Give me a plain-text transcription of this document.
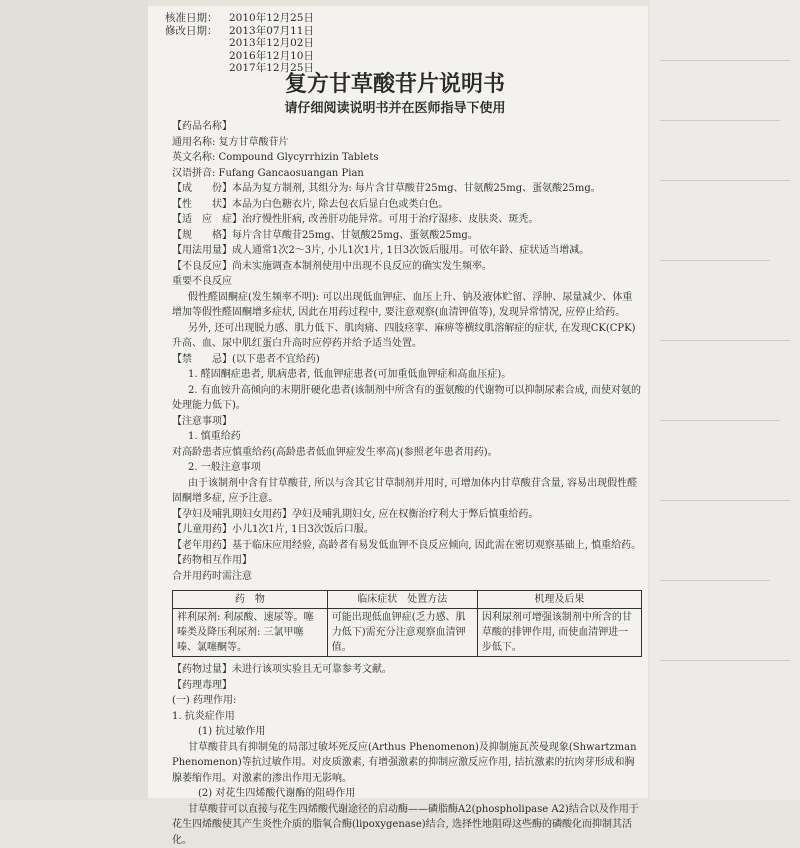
核准日期： 2010年12月25日
修改日期： 2013年07月11日
2013年12月02日
2016年12月10日
2017年12月25日
复方甘草酸苷片说明书
请仔细阅读说明书并在医师指导下使用

【药品名称】

通用名称: 复方甘草酸苷片

英文名称: Compound Glycyrrhizin Tablets

汉语拼音: Fufang Gancaosuangan Pian

【成　　份】本品为复方制剂, 其组分为: 每片含甘草酸苷25mg、甘氨酸25mg、蛋氨酸25mg。

【性　　状】本品为白色糖衣片, 除去包衣后显白色或类白色。

【适　应　症】治疗慢性肝病, 改善肝功能异常。可用于治疗湿疹、皮肤炎、斑秃。

【规　　格】每片含甘草酸苷25mg、甘氨酸25mg、蛋氨酸25mg。

【用法用量】成人通常1次2～3片, 小儿1次1片, 1日3次饭后服用。可依年龄、症状适当增减。

【不良反应】尚未实施调查本制剂使用中出现不良反应的确实发生频率。

重要不良反应

假性醛固酮症(发生频率不明): 可以出现低血钾症、血压上升、钠及液体贮留、浮肿、尿量减少、体重增加等假性醛固酮增多症状, 因此在用药过程中, 要注意观察(血清钾值等), 发现异常情况, 应停止给药。

另外, 还可出现脱力感、肌力低下、肌肉痛、四肢痉挛、麻痹等横纹肌溶解症的症状, 在发现CK(CPK)升高、血、尿中肌红蛋白升高时应停药并给予适当处置。

【禁　　忌】(以下患者不宜给药)

1. 醛固酮症患者, 肌病患者, 低血钾症患者(可加重低血钾症和高血压症)。

2. 有血铵升高倾向的末期肝硬化患者(该制剂中所含有的蛋氨酸的代谢物可以抑制尿素合成, 而使对氨的处理能力低下)。

【注意事项】

1. 慎重给药

对高龄患者应慎重给药(高龄患者低血钾症发生率高)(参照老年患者用药)。

2. 一般注意事项

由于该制剂中含有甘草酸苷, 所以与含其它甘草制剂并用时, 可增加体内甘草酸苷含量, 容易出现假性醛固酮增多症, 应予注意。

【孕妇及哺乳期妇女用药】孕妇及哺乳期妇女, 应在权衡治疗利大于弊后慎重给药。

【儿童用药】小儿1次1片, 1日3次饭后口服。

【老年用药】基于临床应用经验, 高龄者有易发低血钾不良反应倾向, 因此需在密切观察基础上, 慎重给药。

【药物相互作用】

合并用药时需注意

药　物	临床症状　处置方法	机理及后果
袢利尿剂: 利尿酸、速尿等。噻嗪类及降压利尿剂: 三氯甲噻嗪、氯噻酮等。	可能出现低血钾症(乏力感、肌力低下)需充分注意观察血清钾值。	因利尿剂可增强该制剂中所含的甘草酸的排钾作用, 而使血清钾进一步低下。

【药物过量】未进行该项实验且无可靠参考文献。

【药理毒理】

(一) 药理作用:

1. 抗炎症作用

(1) 抗过敏作用

甘草酸苷具有抑制兔的局部过敏坏死反应(Arthus Phenomenon)及抑制施瓦茨曼现象(Shwartzman Phenomenon)等抗过敏作用。对皮质激素, 有增强激素的抑制应激反应作用, 拮抗激素的抗肉芽形成和胸腺萎缩作用。对激素的渗出作用无影响。

(2) 对花生四烯酸代谢酶的阻碍作用

甘草酸苷可以直接与花生四烯酸代谢途径的启动酶——磷脂酶A2(phospholipase A2)结合以及作用于花生四烯酸使其产生炎性介质的脂氧合酶(lipoxygenase)结合, 选择性地阻碍这些酶的磷酸化而抑制其活化。
